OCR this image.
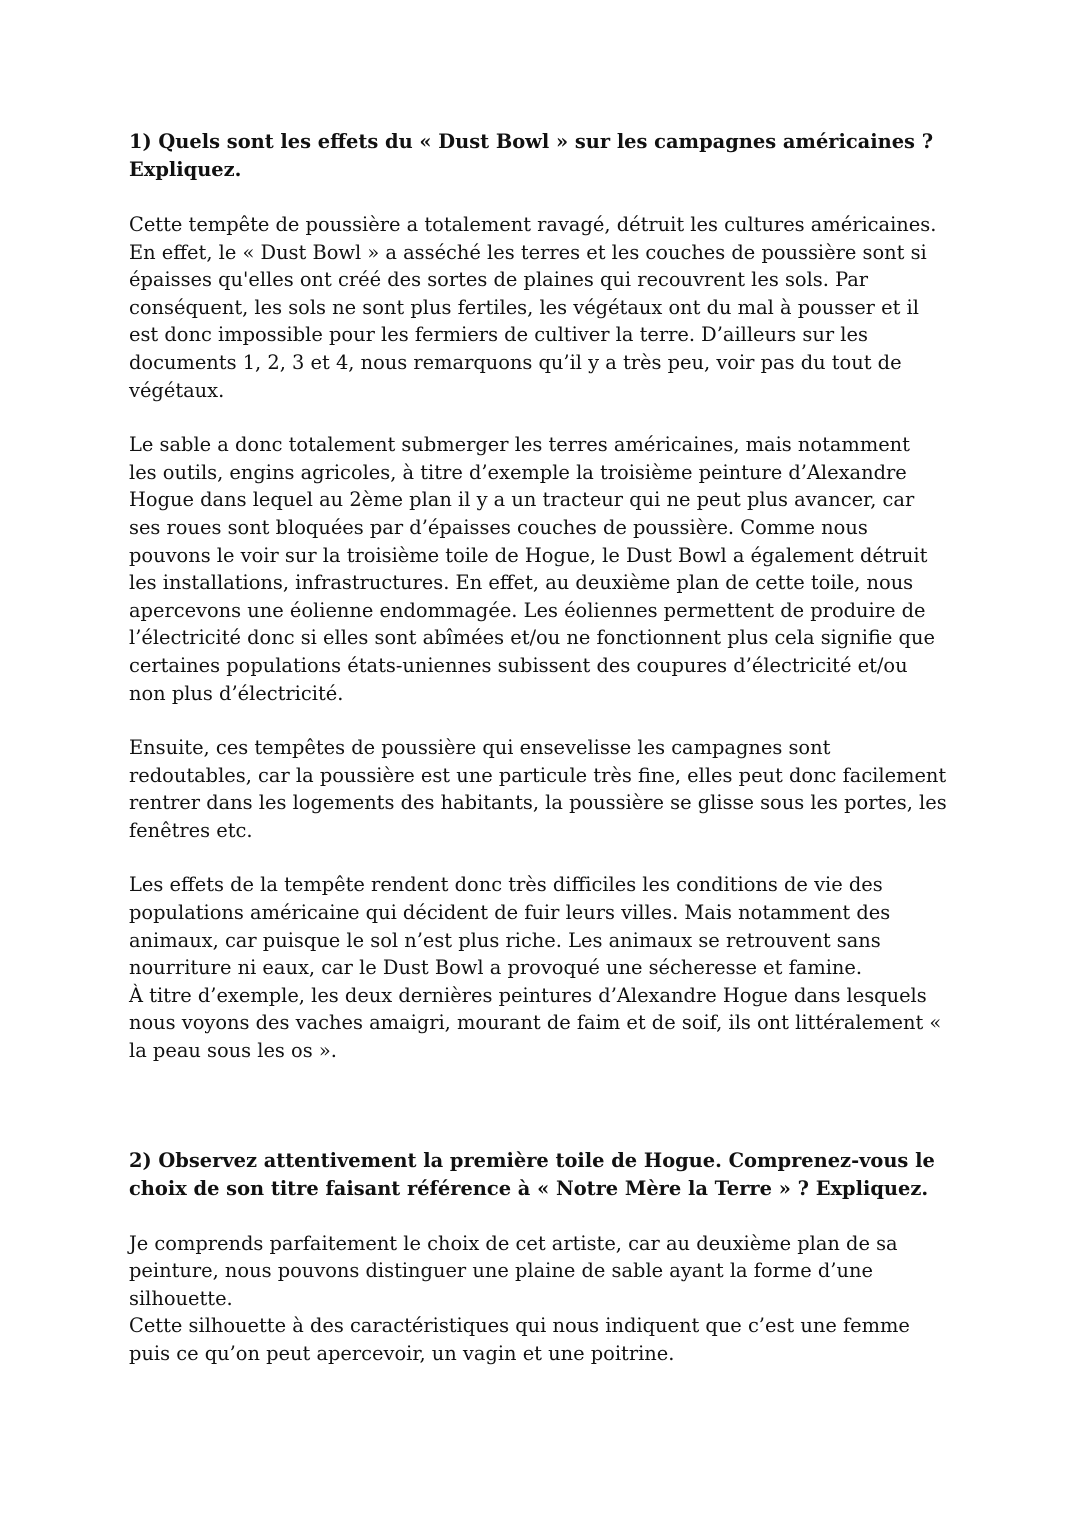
1) Quels sont les effets du « Dust Bowl » sur les campagnes américaines ?
Expliquez.
Cette tempête de poussière a totalement ravagé, détruit les cultures américaines.
En effet, le « Dust Bowl » a asséché les terres et les couches de poussière sont si
épaisses qu'elles ont créé des sortes de plaines qui recouvrent les sols. Par
conséquent, les sols ne sont plus fertiles, les végétaux ont du mal à pousser et il
est donc impossible pour les fermiers de cultiver la terre. D’ailleurs sur les
documents 1, 2, 3 et 4, nous remarquons qu’il y a très peu, voir pas du tout de
végétaux.
Le sable a donc totalement submerger les terres américaines, mais notamment
les outils, engins agricoles, à titre d’exemple la troisième peinture d’Alexandre
Hogue dans lequel au 2ème plan il y a un tracteur qui ne peut plus avancer, car
ses roues sont bloquées par d’épaisses couches de poussière. Comme nous
pouvons le voir sur la troisième toile de Hogue, le Dust Bowl a également détruit
les installations, infrastructures. En effet, au deuxième plan de cette toile, nous
apercevons une éolienne endommagée. Les éoliennes permettent de produire de
l’électricité donc si elles sont abîmées et/ou ne fonctionnent plus cela signifie que
certaines populations états-uniennes subissent des coupures d’électricité et/ou
non plus d’électricité.
Ensuite, ces tempêtes de poussière qui ensevelisse les campagnes sont
redoutables, car la poussière est une particule très fine, elles peut donc facilement
rentrer dans les logements des habitants, la poussière se glisse sous les portes, les
fenêtres etc.
Les effets de la tempête rendent donc très difficiles les conditions de vie des
populations américaine qui décident de fuir leurs villes. Mais notamment des
animaux, car puisque le sol n’est plus riche. Les animaux se retrouvent sans
nourriture ni eaux, car le Dust Bowl a provoqué une sécheresse et famine.
À titre d’exemple, les deux dernières peintures d’Alexandre Hogue dans lesquels
nous voyons des vaches amaigri, mourant de faim et de soif, ils ont littéralement «
la peau sous les os ».
2) Observez attentivement la première toile de Hogue. Comprenez-vous le
choix de son titre faisant référence à « Notre Mère la Terre » ? Expliquez.
Je comprends parfaitement le choix de cet artiste, car au deuxième plan de sa
peinture, nous pouvons distinguer une plaine de sable ayant la forme d’une
silhouette.
Cette silhouette à des caractéristiques qui nous indiquent que c’est une femme
puis ce qu’on peut apercevoir, un vagin et une poitrine.
